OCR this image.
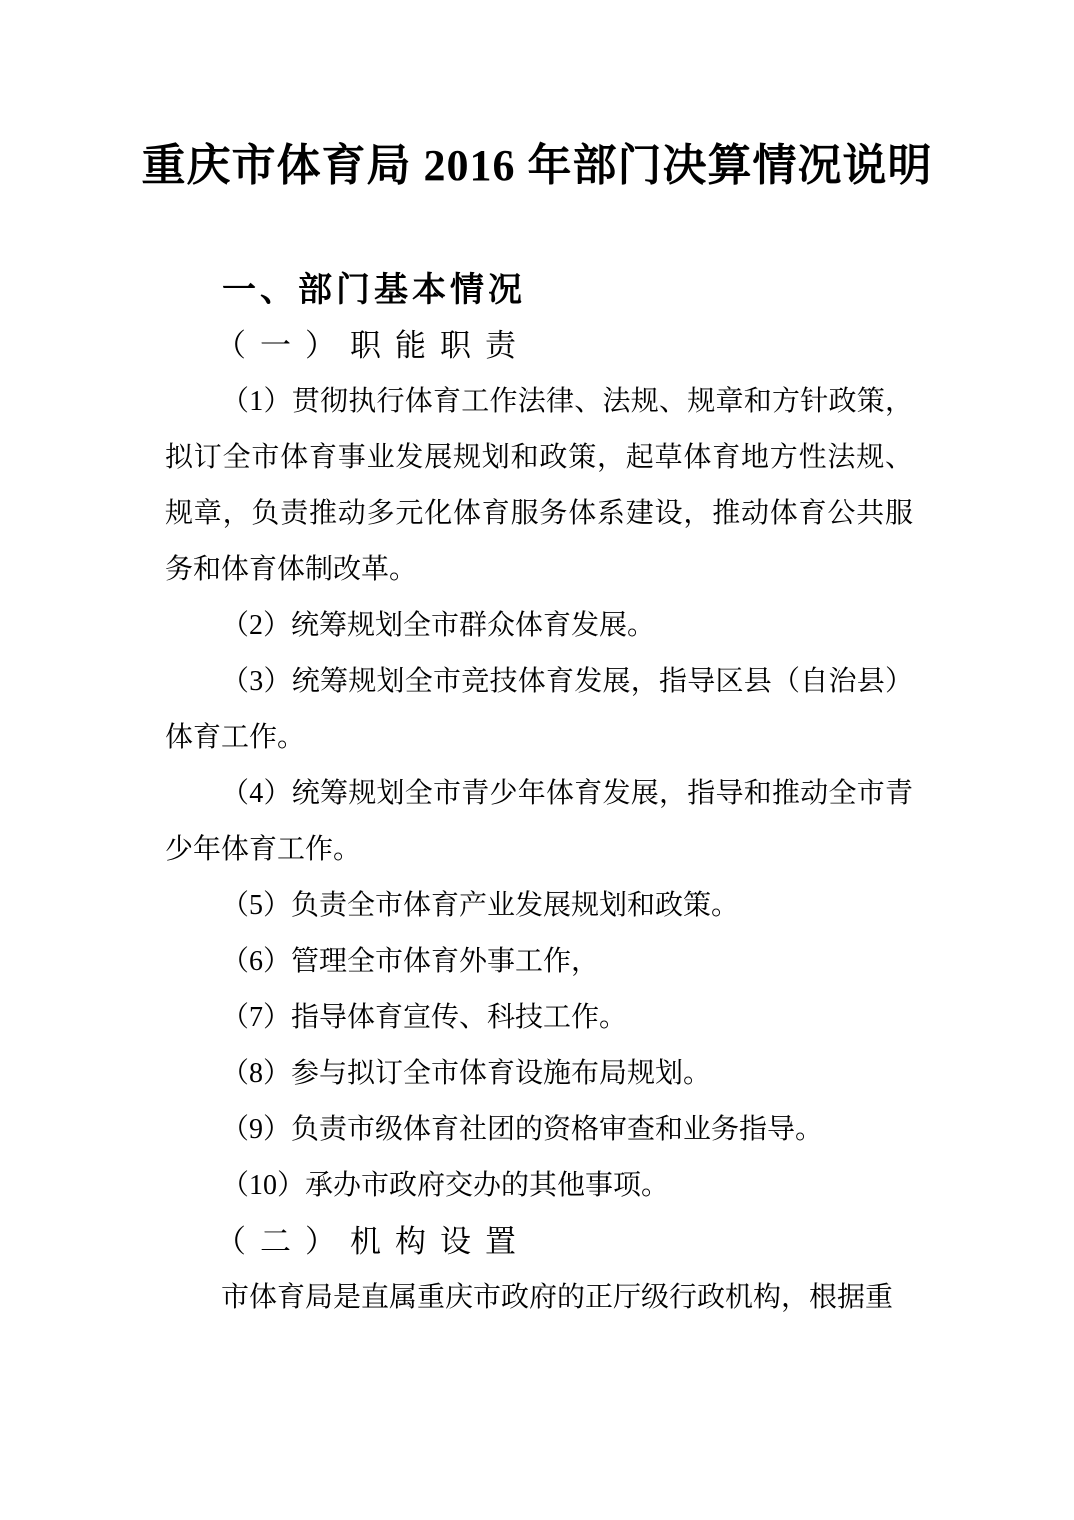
重庆市体育局 2016 年部门决算情况说明
一、部门基本情况
（一）职能职责
（1）贯彻执行体育工作法律、法规、规章和方针政策，
拟订全市体育事业发展规划和政策，起草体育地方性法规、
规章，负责推动多元化体育服务体系建设，推动体育公共服
务和体育体制改革。
（2）统筹规划全市群众体育发展。
（3）统筹规划全市竞技体育发展，指导区县（自治县）
体育工作。
（4）统筹规划全市青少年体育发展，指导和推动全市青
少年体育工作。
（5）负责全市体育产业发展规划和政策。
（6）管理全市体育外事工作，
（7）指导体育宣传、科技工作。
（8）参与拟订全市体育设施布局规划。
（9）负责市级体育社团的资格审查和业务指导。
（10）承办市政府交办的其他事项。
（二）机构设置
市体育局是直属重庆市政府的正厅级行政机构，根据重
